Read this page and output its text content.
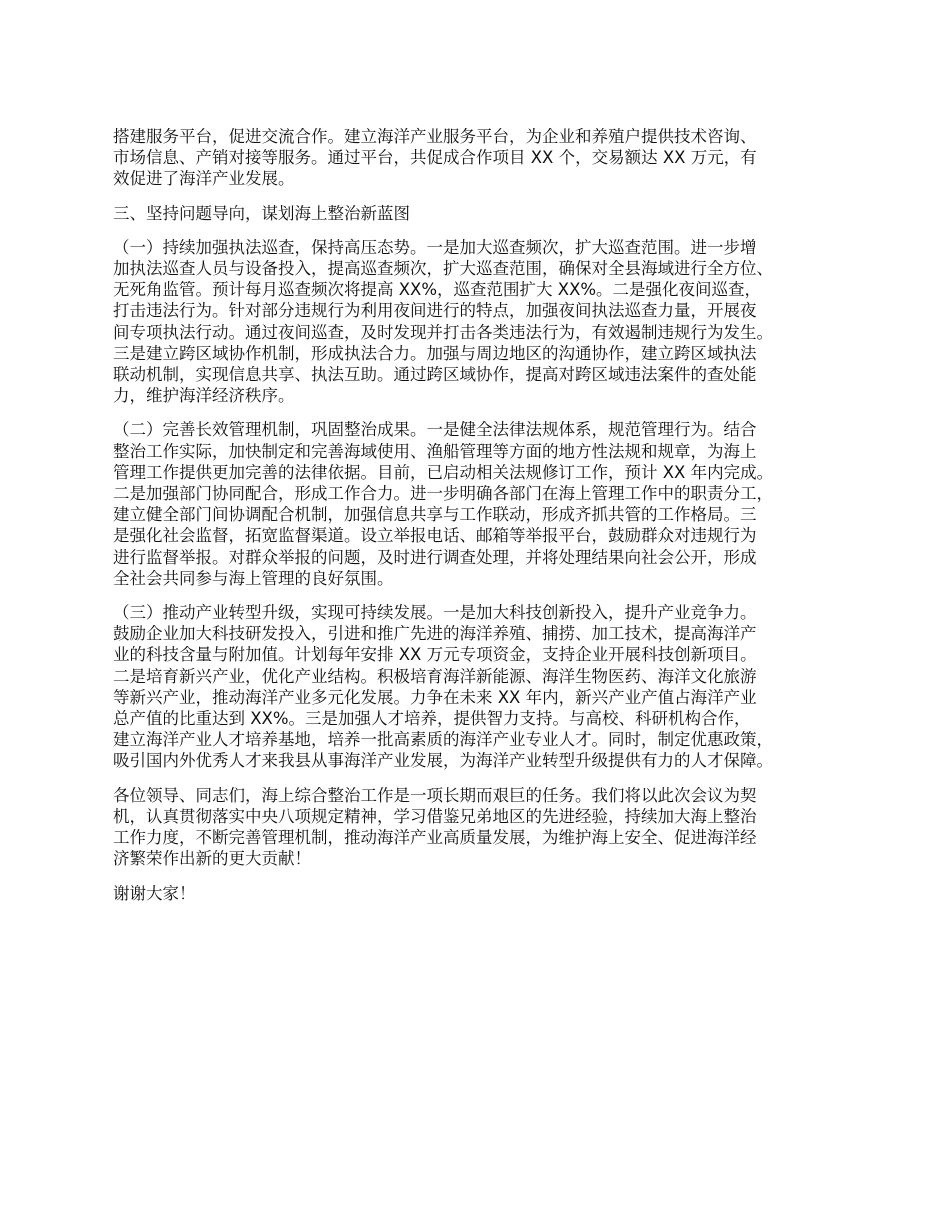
搭建服务平台，促进交流合作。建立海洋产业服务平台，为企业和养殖户提供技术咨询、
市场信息、产销对接等服务。通过平台，共促成合作项目 XX 个，交易额达 XX 万元，有
效促进了海洋产业发展。

三、坚持问题导向，谋划海上整治新蓝图

（一）持续加强执法巡查，保持高压态势。一是加大巡查频次，扩大巡查范围。进一步增
加执法巡查人员与设备投入，提高巡查频次，扩大巡查范围，确保对全县海域进行全方位、
无死角监管。预计每月巡查频次将提高 XX%，巡查范围扩大 XX%。二是强化夜间巡查，
打击违法行为。针对部分违规行为利用夜间进行的特点，加强夜间执法巡查力量，开展夜
间专项执法行动。通过夜间巡查，及时发现并打击各类违法行为，有效遏制违规行为发生。
三是建立跨区域协作机制，形成执法合力。加强与周边地区的沟通协作，建立跨区域执法
联动机制，实现信息共享、执法互助。通过跨区域协作，提高对跨区域违法案件的查处能
力，维护海洋经济秩序。

（二）完善长效管理机制，巩固整治成果。一是健全法律法规体系，规范管理行为。结合
整治工作实际，加快制定和完善海域使用、渔船管理等方面的地方性法规和规章，为海上
管理工作提供更加完善的法律依据。目前，已启动相关法规修订工作，预计 XX 年内完成。
二是加强部门协同配合，形成工作合力。进一步明确各部门在海上管理工作中的职责分工，
建立健全部门间协调配合机制，加强信息共享与工作联动，形成齐抓共管的工作格局。三
是强化社会监督，拓宽监督渠道。设立举报电话、邮箱等举报平台，鼓励群众对违规行为
进行监督举报。对群众举报的问题，及时进行调查处理，并将处理结果向社会公开，形成
全社会共同参与海上管理的良好氛围。

（三）推动产业转型升级，实现可持续发展。一是加大科技创新投入，提升产业竞争力。
鼓励企业加大科技研发投入，引进和推广先进的海洋养殖、捕捞、加工技术，提高海洋产
业的科技含量与附加值。计划每年安排 XX 万元专项资金，支持企业开展科技创新项目。
二是培育新兴产业，优化产业结构。积极培育海洋新能源、海洋生物医药、海洋文化旅游
等新兴产业，推动海洋产业多元化发展。力争在未来 XX 年内，新兴产业产值占海洋产业
总产值的比重达到 XX%。三是加强人才培养，提供智力支持。与高校、科研机构合作，
建立海洋产业人才培养基地，培养一批高素质的海洋产业专业人才。同时，制定优惠政策，
吸引国内外优秀人才来我县从事海洋产业发展，为海洋产业转型升级提供有力的人才保障。

各位领导、同志们，海上综合整治工作是一项长期而艰巨的任务。我们将以此次会议为契
机，认真贯彻落实中央八项规定精神，学习借鉴兄弟地区的先进经验，持续加大海上整治
工作力度，不断完善管理机制，推动海洋产业高质量发展，为维护海上安全、促进海洋经
济繁荣作出新的更大贡献！

谢谢大家！
